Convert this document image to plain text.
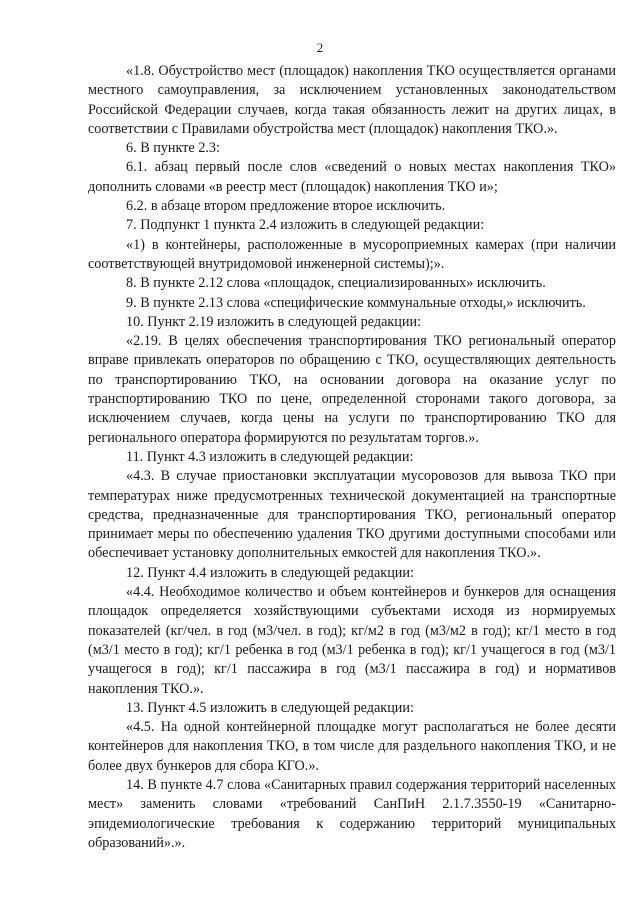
2

«1.8. Обустройство мест (площадок) накопления ТКО осуществляется органами местного самоуправления, за исключением установленных законодательством Российской Федерации случаев, когда такая обязанность лежит на других лицах, в соответствии с Правилами обустройства мест (площадок) накопления ТКО.».

6. В пункте 2.3:

6.1. абзац первый после слов «сведений о новых местах накопления ТКО» дополнить словами «в реестр мест (площадок) накопления ТКО и»;

6.2. в абзаце втором предложение второе исключить.

7. Подпункт 1 пункта 2.4 изложить в следующей редакции:

«1) в контейнеры, расположенные в мусороприемных камерах (при наличии соответствующей внутридомовой инженерной системы);».

8. В пункте 2.12 слова «площадок, специализированных» исключить.

9. В пункте 2.13 слова «специфические коммунальные отходы,» исключить.

10. Пункт 2.19 изложить в следующей редакции:

«2.19. В целях обеспечения транспортирования ТКО региональный оператор вправе привлекать операторов по обращению с ТКО, осуществляющих деятельность по транспортированию ТКО, на основании договора на оказание услуг по транспортированию ТКО по цене, определенной сторонами такого договора, за исключением случаев, когда цены на услуги по транспортированию ТКО для регионального оператора формируются по результатам торгов.».

11. Пункт 4.3 изложить в следующей редакции:

«4.3. В случае приостановки эксплуатации мусоровозов для вывоза ТКО при температурах ниже предусмотренных технической документацией на транспортные средства, предназначенные для транспортирования ТКО, региональный оператор принимает меры по обеспечению удаления ТКО другими доступными способами или обеспечивает установку дополнительных емкостей для накопления ТКО.».

12. Пункт 4.4 изложить в следующей редакции:

«4.4. Необходимое количество и объем контейнеров и бункеров для оснащения площадок определяется хозяйствующими субъектами исходя из нормируемых показателей (кг/чел. в год (м3/чел. в год); кг/м2 в год (м3/м2 в год); кг/1 место в год (м3/1 место в год); кг/1 ребенка в год (м3/1 ребенка в год); кг/1 учащегося в год (м3/1 учащегося в год); кг/1 пассажира в год (м3/1 пассажира в год) и нормативов накопления ТКО.».

13. Пункт 4.5 изложить в следующей редакции:

«4.5. На одной контейнерной площадке могут располагаться не более десяти контейнеров для накопления ТКО, в том числе для раздельного накопления ТКО, и не более двух бункеров для сбора КГО.».

14. В пункте 4.7 слова «Санитарных правил содержания территорий населенных мест» заменить словами «требований СанПиН 2.1.7.3550-19 «Санитарно-эпидемиологические требования к содержанию территорий муниципальных образований».».
